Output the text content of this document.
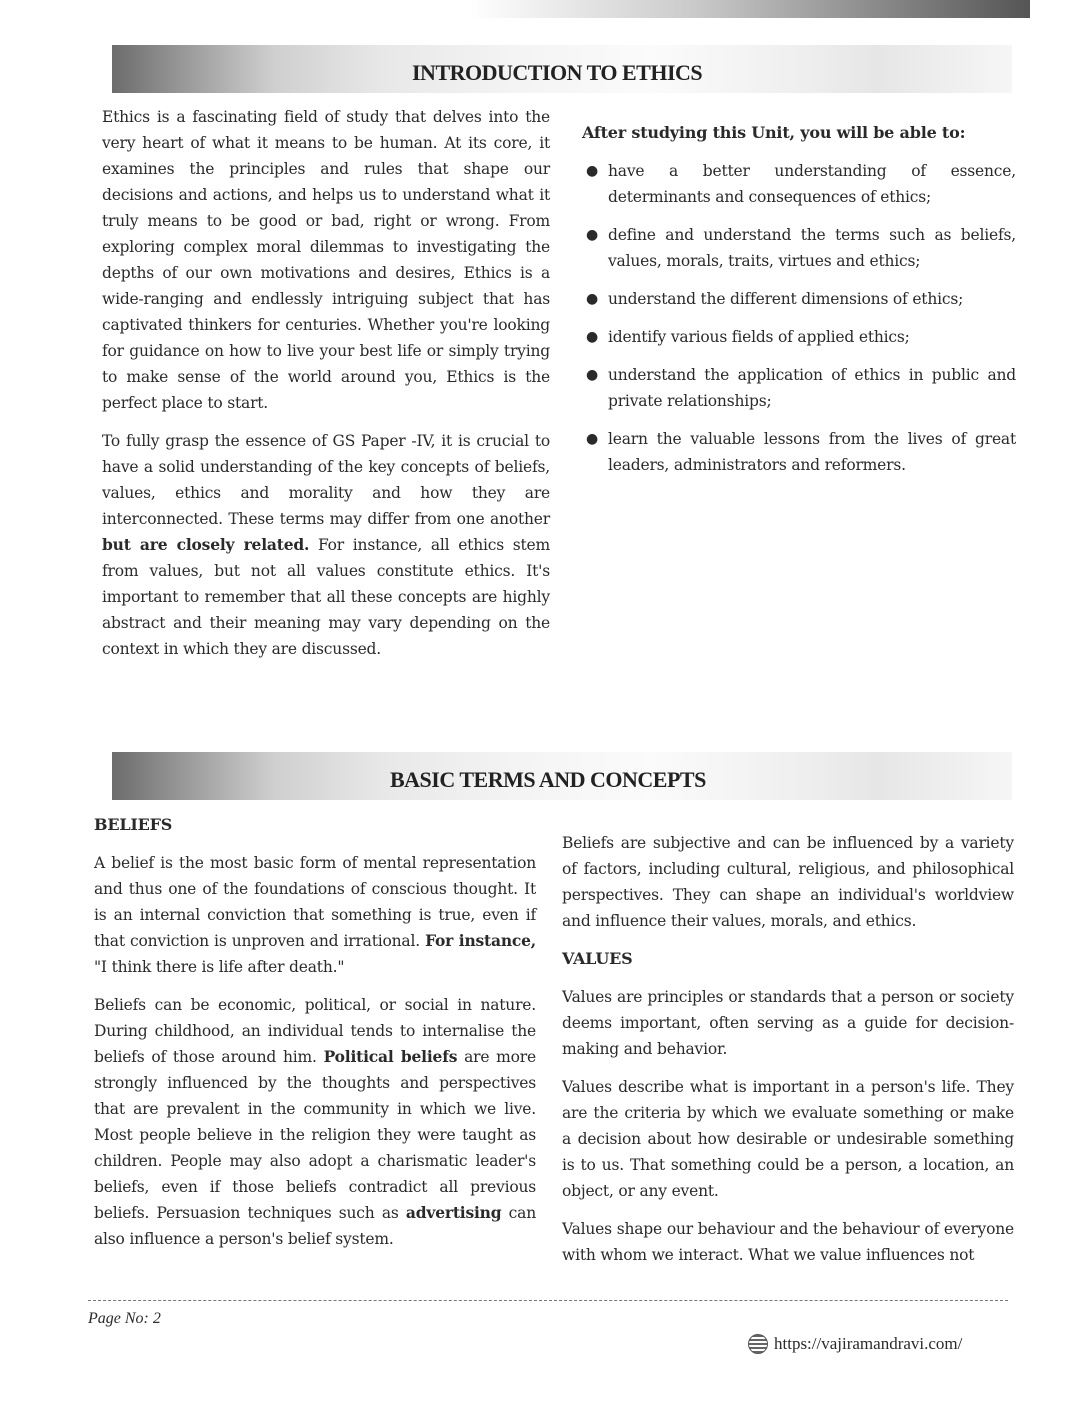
INTRODUCTION TO ETHICS

Ethics is a fascinating field of study that delves into the very heart of what it means to be human. At its core, it examines the principles and rules that shape our decisions and actions, and helps us to understand what it truly means to be good or bad, right or wrong. From exploring complex moral dilemmas to investigating the depths of our own motivations and desires, Ethics is a wide-ranging and endlessly intriguing subject that has captivated thinkers for centuries. Whether you're looking for guidance on how to live your best life or simply trying to make sense of the world around you, Ethics is the perfect place to start.

To fully grasp the essence of GS Paper -IV, it is crucial to have a solid understanding of the key concepts of beliefs, values, ethics and morality and how they are interconnected. These terms may differ from one another but are closely related. For instance, all ethics stem from values, but not all values constitute ethics. It's important to remember that all these concepts are highly abstract and their meaning may vary depending on the context in which they are discussed.

After studying this Unit, you will be able to:
● have a better understanding of essence, determinants and consequences of ethics;
● define and understand the terms such as beliefs, values, morals, traits, virtues and ethics;
● understand the different dimensions of ethics;
● identify various fields of applied ethics;
● understand the application of ethics in public and private relationships;
● learn the valuable lessons from the lives of great leaders, administrators and reformers.
BASIC TERMS AND CONCEPTS
BELIEFS

A belief is the most basic form of mental representation and thus one of the foundations of conscious thought. It is an internal conviction that something is true, even if that conviction is unproven and irrational. For instance, "I think there is life after death."

Beliefs can be economic, political, or social in nature. During childhood, an individual tends to internalise the beliefs of those around him. Political beliefs are more strongly influenced by the thoughts and perspectives that are prevalent in the community in which we live. Most people believe in the religion they were taught as children. People may also adopt a charismatic leader's beliefs, even if those beliefs contradict all previous beliefs. Persuasion techniques such as advertising can also influence a person's belief system.

Beliefs are subjective and can be influenced by a variety of factors, including cultural, religious, and philosophical perspectives. They can shape an individual's worldview and influence their values, morals, and ethics.

VALUES

Values are principles or standards that a person or society deems important, often serving as a guide for decision-making and behavior.

Values describe what is important in a person's life. They are the criteria by which we evaluate something or make a decision about how desirable or undesirable something is to us. That something could be a person, a location, an object, or any event.

Values shape our behaviour and the behaviour of everyone with whom we interact. What we value influences not

Page No: 2
https://vajiramandravi.com/
